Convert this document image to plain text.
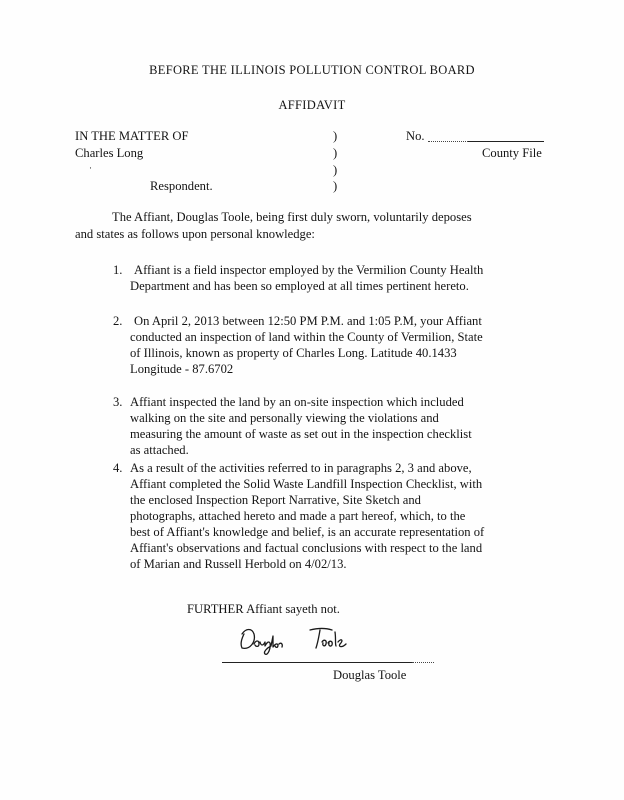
BEFORE THE ILLINOIS POLLUTION CONTROL BOARD
AFFIDAVIT
IN THE MATTER OF
Charles Long
Respondent.
·
)
)
)
)
No.
County File
The Affiant, Douglas Toole, being first duly sworn, voluntarily deposes
and states as follows upon personal knowledge:
1. Affiant is a field inspector employed by the Vermilion County Health
Department and has been so employed at all times pertinent hereto.
2. On April 2, 2013 between 12:50 PM P.M. and 1:05 P.M, your Affiant
conducted an inspection of land within the County of Vermilion, State
of Illinois, known as property of Charles Long. Latitude 40.1433
Longitude - 87.6702
3. Affiant inspected the land by an on-site inspection which included
walking on the site and personally viewing the violations and
measuring the amount of waste as set out in the inspection checklist
as attached.
4. As a result of the activities referred to in paragraphs 2, 3 and above,
Affiant completed the Solid Waste Landfill Inspection Checklist, with
the enclosed Inspection Report Narrative, Site Sketch and
photographs, attached hereto and made a part hereof, which, to the
best of Affiant's knowledge and belief, is an accurate representation of
Affiant's observations and factual conclusions with respect to the land
of Marian and Russell Herbold on 4/02/13.
FURTHER Affiant sayeth not.
Douglas Toole
